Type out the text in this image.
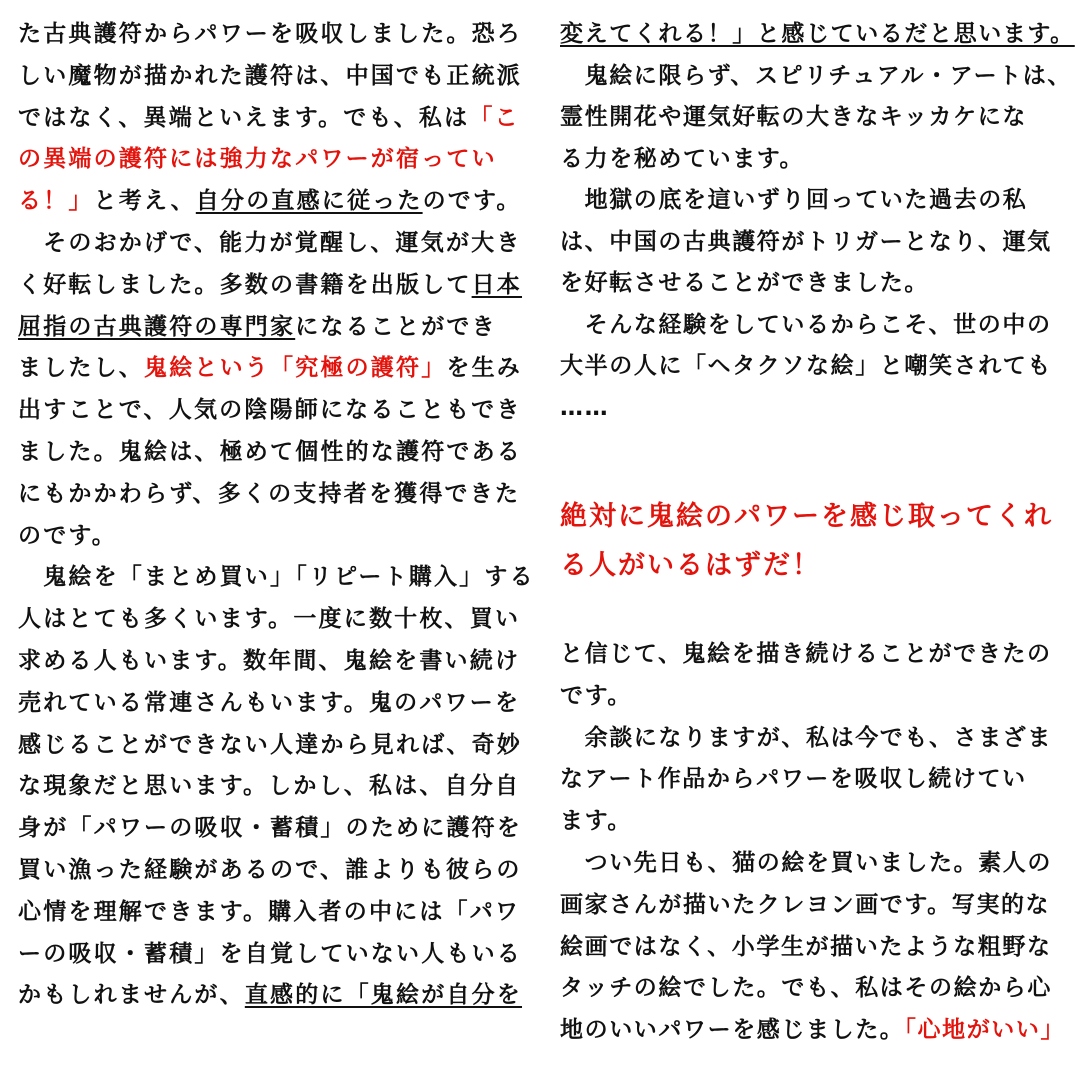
た古典護符からパワーを吸収しました。恐ろ
しい魔物が描かれた護符は、中国でも正統派
ではなく、異端といえます。でも、私は「こ
の異端の護符には強力なパワーが宿ってい
る！」と考え、自分の直感に従ったのです。
　そのおかげで、能力が覚醒し、運気が大き
く好転しました。多数の書籍を出版して日本
屈指の古典護符の専門家になることができ
ましたし、鬼絵という「究極の護符」を生み
出すことで、人気の陰陽師になることもでき
ました。鬼絵は、極めて個性的な護符である
にもかかわらず、多くの支持者を獲得できた
のです。
　鬼絵を「まとめ買い」「リピート購入」する
人はとても多くいます。一度に数十枚、買い
求める人もいます。数年間、鬼絵を書い続け
売れている常連さんもいます。鬼のパワーを
感じることができない人達から見れば、奇妙
な現象だと思います。しかし、私は、自分自
身が「パワーの吸収・蓄積」のために護符を
買い漁った経験があるので、誰よりも彼らの
心情を理解できます。購入者の中には「パワ
ーの吸収・蓄積」を自覚していない人もいる
かもしれませんが、直感的に「鬼絵が自分を
変えてくれる！」と感じているだと思います。
　鬼絵に限らず、スピリチュアル・アートは、
霊性開花や運気好転の大きなキッカケにな
る力を秘めています。
　地獄の底を這いずり回っていた過去の私
は、中国の古典護符がトリガーとなり、運気
を好転させることができました。
　そんな経験をしているからこそ、世の中の
大半の人に「ヘタクソな絵」と嘲笑されても
……
絶対に鬼絵のパワーを感じ取ってくれ
る人がいるはずだ！
と信じて、鬼絵を描き続けることができたの
です。
　余談になりますが、私は今でも、さまざま
なアート作品からパワーを吸収し続けてい
ます。
　つい先日も、猫の絵を買いました。素人の
画家さんが描いたクレヨン画です。写実的な
絵画ではなく、小学生が描いたような粗野な
タッチの絵でした。でも、私はその絵から心
地のいいパワーを感じました。「心地がいい」
